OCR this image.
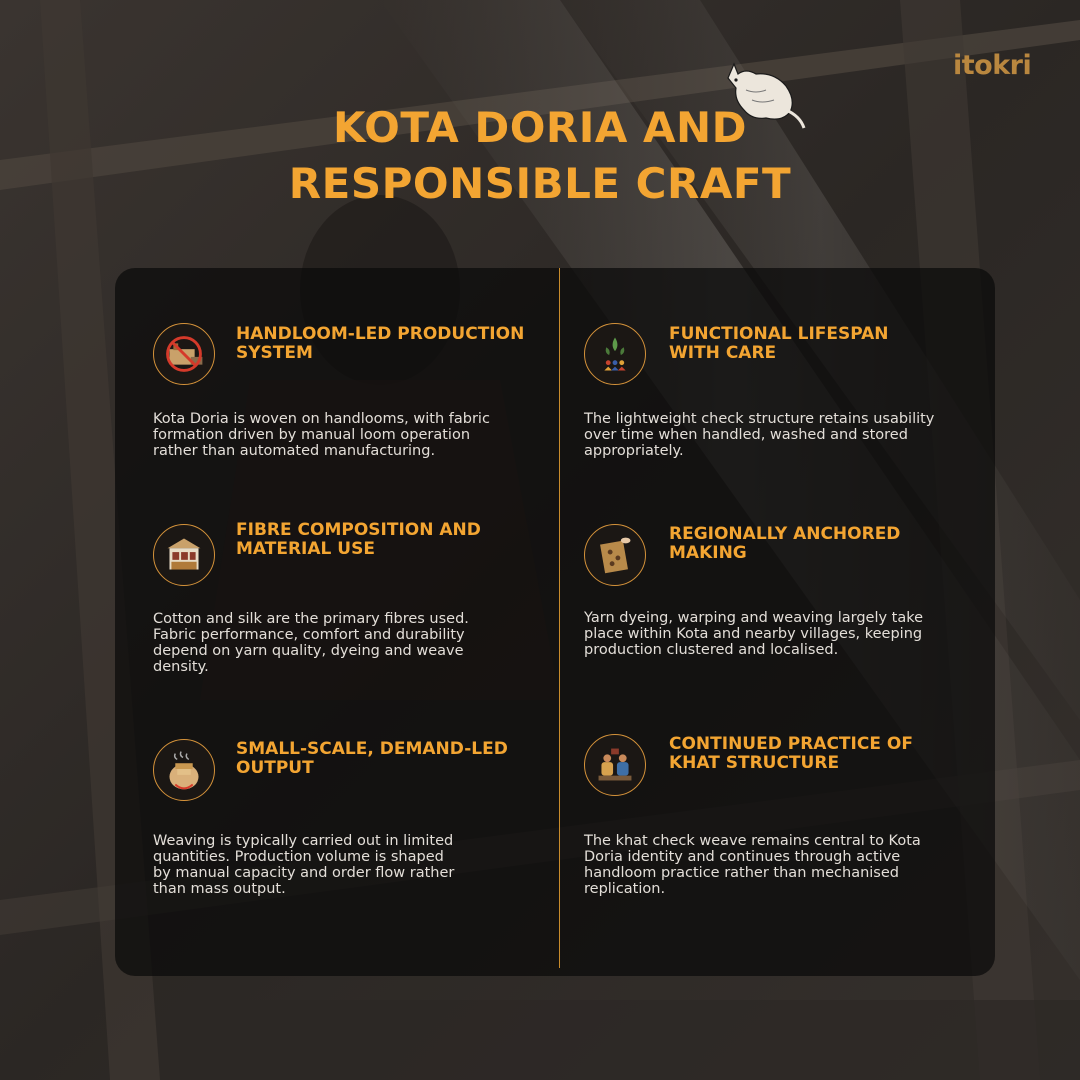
itokri
KOTA DORIA AND
RESPONSIBLE CRAFT
HANDLOOM-LED PRODUCTION
SYSTEM
Kota Doria is woven on handlooms, with fabric
formation driven by manual loom operation
rather than automated manufacturing.
FUNCTIONAL LIFESPAN
WITH CARE
The lightweight check structure retains usability
over time when handled, washed and stored
appropriately.
FIBRE COMPOSITION AND
MATERIAL USE
Cotton and silk are the primary fibres used.
Fabric performance, comfort and durability
depend on yarn quality, dyeing and weave
density.
REGIONALLY ANCHORED
MAKING
Yarn dyeing, warping and weaving largely take
place within Kota and nearby villages, keeping
production clustered and localised.
SMALL-SCALE, DEMAND-LED
OUTPUT
Weaving is typically carried out in limited
quantities. Production volume is shaped
by manual capacity and order flow rather
than mass output.
CONTINUED PRACTICE OF
KHAT STRUCTURE
The khat check weave remains central to Kota
Doria identity and continues through active
handloom practice rather than mechanised
replication.
